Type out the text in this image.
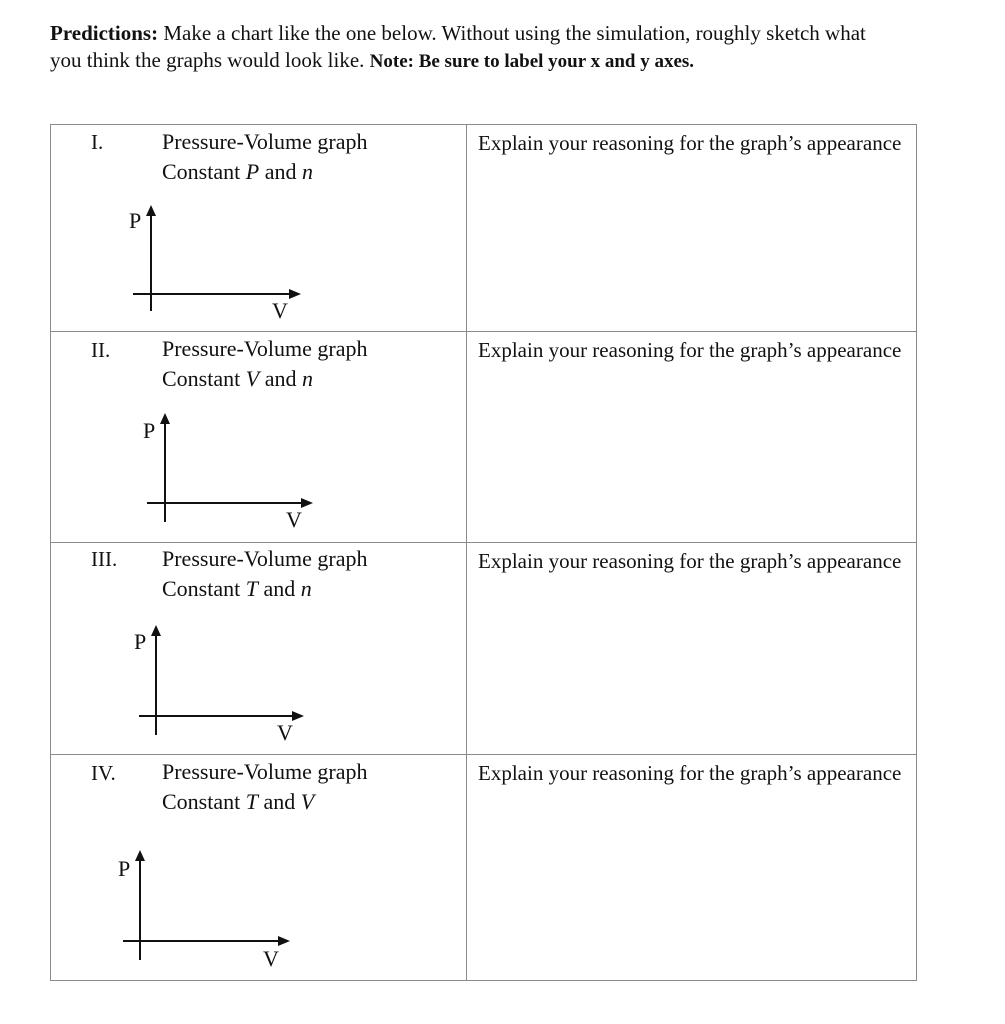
Predictions: Make a chart like the one below. Without using the simulation, roughly sketch what you think the graphs would look like. Note: Be sure to label your x and y axes.
I. Pressure-Volume graph
Constant P and n
P
V	Explain your reasoning for the graph’s appearance

II. Pressure-Volume graph
Constant V and n
P
V	Explain your reasoning for the graph’s appearance

III. Pressure-Volume graph
Constant T and n
P
V	Explain your reasoning for the graph’s appearance

IV. Pressure-Volume graph
Constant T and V
P
V	Explain your reasoning for the graph’s appearance
